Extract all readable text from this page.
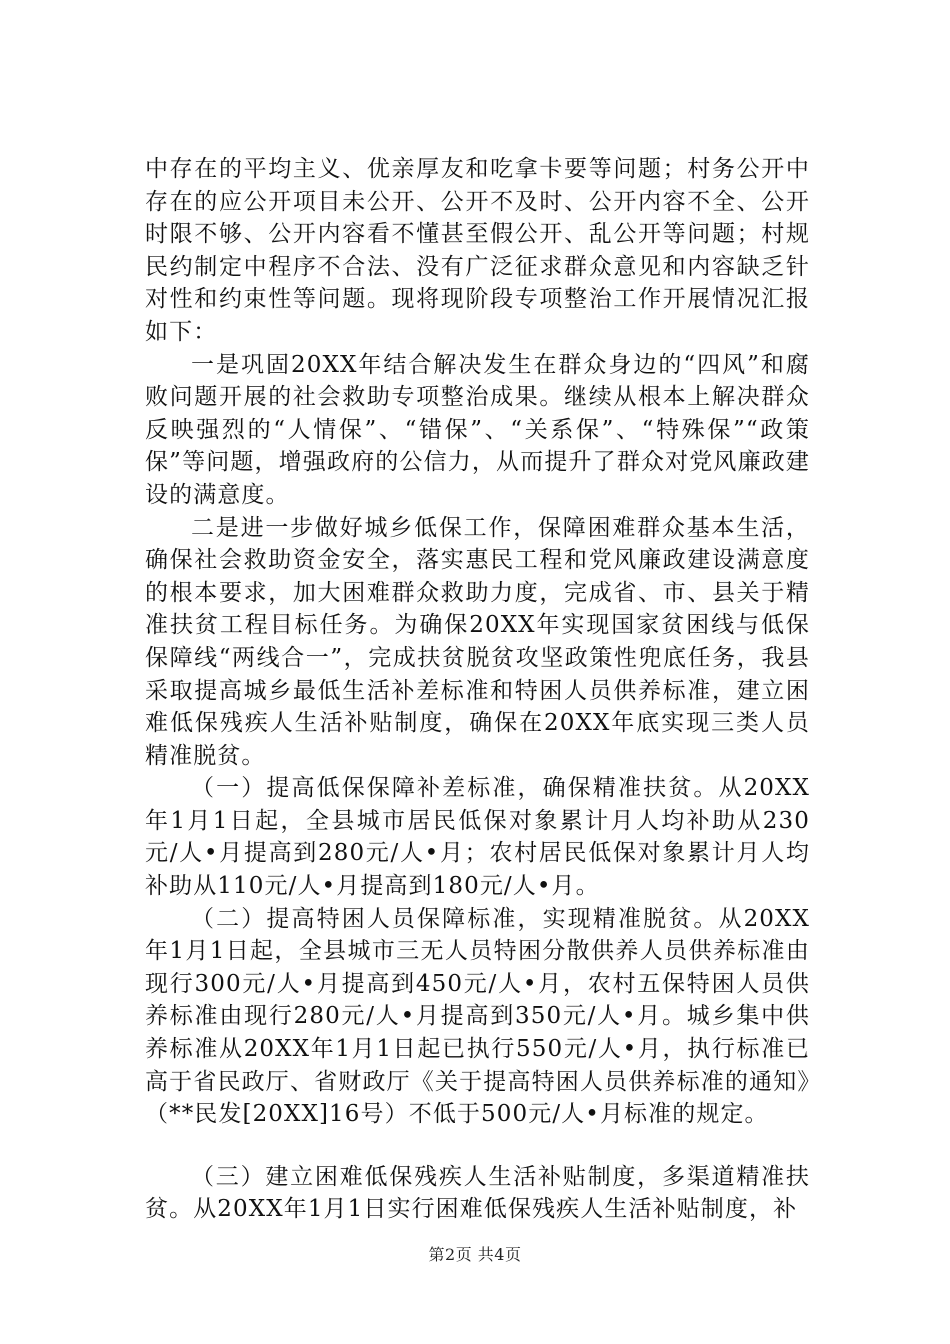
中存在的平均主义、优亲厚友和吃拿卡要等问题；村务公开中存在的应公开项目未公开、公开不及时、公开内容不全、公开时限不够、公开内容看不懂甚至假公开、乱公开等问题；村规民约制定中程序不合法、没有广泛征求群众意见和内容缺乏针对性和约束性等问题。现将现阶段专项整治工作开展情况汇报如下：

一是巩固20XX年结合解决发生在群众身边的“四风”和腐败问题开展的社会救助专项整治成果。继续从根本上解决群众反映强烈的“人情保”、“错保”、“关系保”、“特殊保”“政策保”等问题，增强政府的公信力，从而提升了群众对党风廉政建设的满意度。

二是进一步做好城乡低保工作，保障困难群众基本生活，确保社会救助资金安全，落实惠民工程和党风廉政建设满意度的根本要求，加大困难群众救助力度，完成省、市、县关于精准扶贫工程目标任务。为确保20XX年实现国家贫困线与低保保障线“两线合一”，完成扶贫脱贫攻坚政策性兜底任务，我县采取提高城乡最低生活补差标准和特困人员供养标准，建立困难低保残疾人生活补贴制度，确保在20XX年底实现三类人员精准脱贫。

（一）提高低保保障补差标准，确保精准扶贫。从20XX年1月1日起，全县城市居民低保对象累计月人均补助从230元/人•月提高到280元/人•月；农村居民低保对象累计月人均补助从110元/人•月提高到180元/人•月。

（二）提高特困人员保障标准，实现精准脱贫。从20XX年1月1日起，全县城市三无人员特困分散供养人员供养标准由现行300元/人•月提高到450元/人•月，农村五保特困人员供养标准由现行280元/人•月提高到350元/人•月。城乡集中供养标准从20XX年1月1日起已执行550元/人•月，执行标准已高于省民政厅、省财政厅《关于提高特困人员供养标准的通知》（**民发[20XX]16号）不低于500元/人•月标准的规定。

（三）建立困难低保残疾人生活补贴制度，多渠道精准扶贫。从20XX年1月1日实行困难低保残疾人生活补贴制度，补

第2页 共4页
